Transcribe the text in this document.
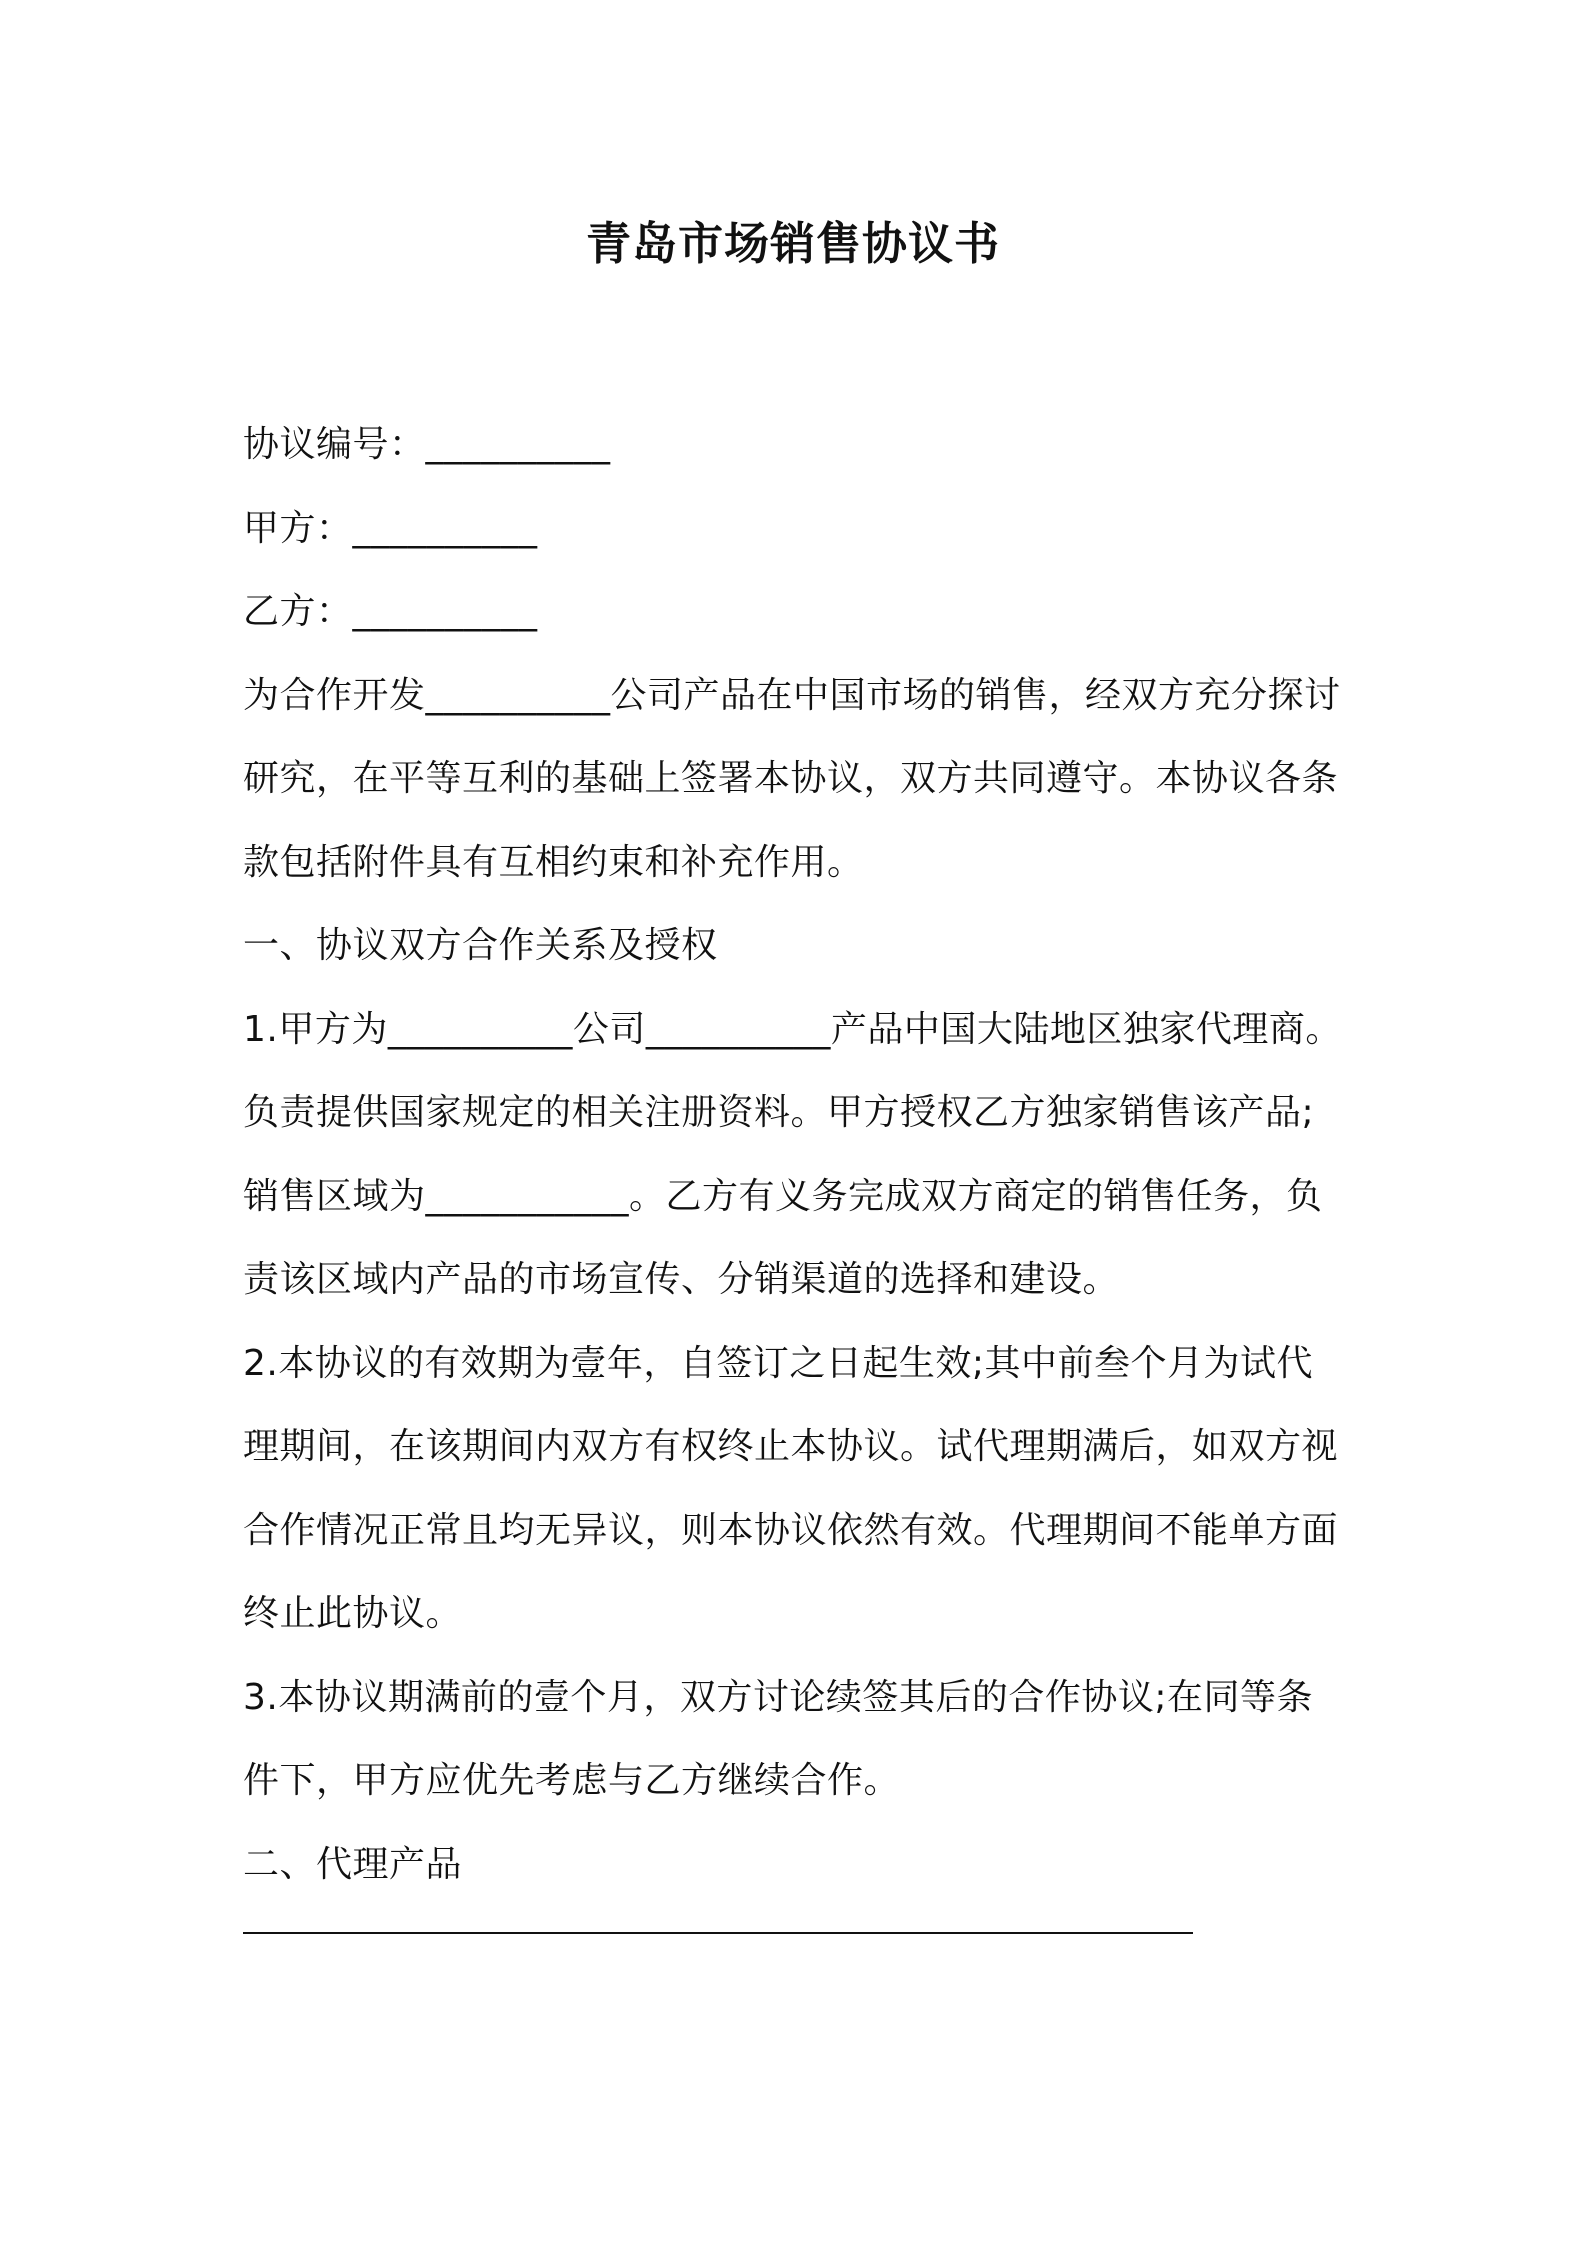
青岛市场销售协议书
协议编号：__________
甲方：__________
乙方：__________
为合作开发__________公司产品在中国市场的销售，经双方充分探讨
研究，在平等互利的基础上签署本协议，双方共同遵守。本协议各条
款包括附件具有互相约束和补充作用。
一、协议双方合作关系及授权
1.甲方为__________公司__________产品中国大陆地区独家代理商。
负责提供国家规定的相关注册资料。甲方授权乙方独家销售该产品;
销售区域为___________。乙方有义务完成双方商定的销售任务，负
责该区域内产品的市场宣传、分销渠道的选择和建设。
2.本协议的有效期为壹年，自签订之日起生效;其中前叁个月为试代
理期间，在该期间内双方有权终止本协议。试代理期满后，如双方视
合作情况正常且均无异议，则本协议依然有效。代理期间不能单方面
终止此协议。
3.本协议期满前的壹个月，双方讨论续签其后的合作协议;在同等条
件下，甲方应优先考虑与乙方继续合作。
二、代理产品
